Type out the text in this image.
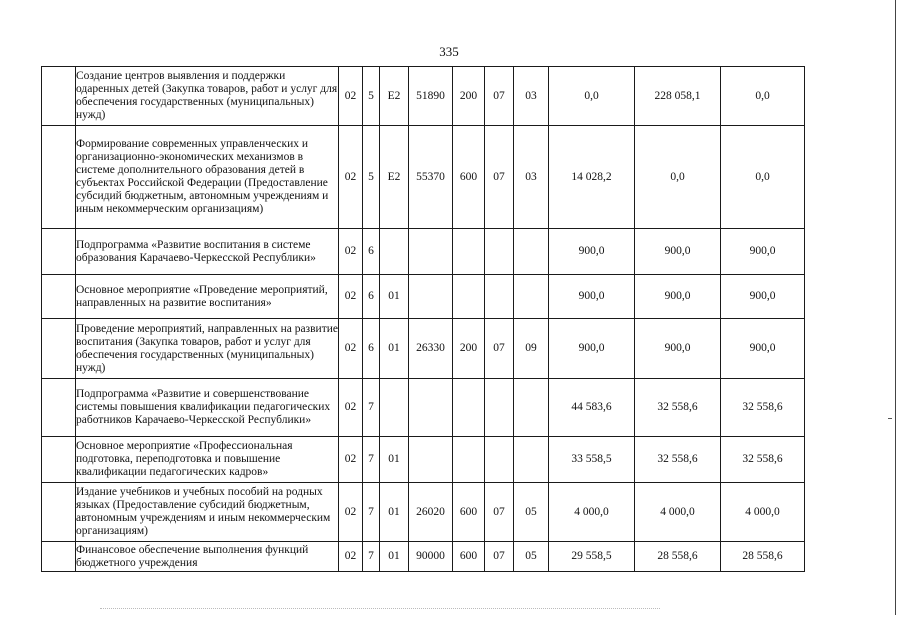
335
	Создание центров выявления и поддержки одаренных детей (Закупка товаров, работ и услуг для обеспечения государственных (муниципальных) нужд)	02	5	E2	51890	200	07	03	0,0	228 058,1	0,0
	Формирование современных управленческих и организационно-экономических механизмов в системе дополнительного образования детей в субъектах Российской Федерации (Предоставление субсидий бюджетным, автономным учреждениям и иным некоммерческим организациям)	02	5	E2	55370	600	07	03	14 028,2	0,0	0,0
	Подпрограмма «Развитие воспитания в системе образования Карачаево-Черкесской Республики»	02	6						900,0	900,0	900,0
	Основное мероприятие «Проведение мероприятий, направленных на развитие воспитания»	02	6	01					900,0	900,0	900,0
	Проведение мероприятий, направленных на развитие воспитания (Закупка товаров, работ и услуг для обеспечения государственных (муниципальных) нужд)	02	6	01	26330	200	07	09	900,0	900,0	900,0
	Подпрограмма «Развитие и совершенствование системы повышения квалификации педагогических работников Карачаево-Черкесской Республики»	02	7						44 583,6	32 558,6	32 558,6
	Основное мероприятие «Профессиональная подготовка, переподготовка и повышение квалификации педагогических кадров»	02	7	01					33 558,5	32 558,6	32 558,6
	Издание учебников и учебных пособий на родных языках (Предоставление субсидий бюджетным, автономным учреждениям и иным некоммерческим организациям)	02	7	01	26020	600	07	05	4 000,0	4 000,0	4 000,0
	Финансовое обеспечение выполнения функций бюджетного учреждения	02	7	01	90000	600	07	05	29 558,5	28 558,6	28 558,6
